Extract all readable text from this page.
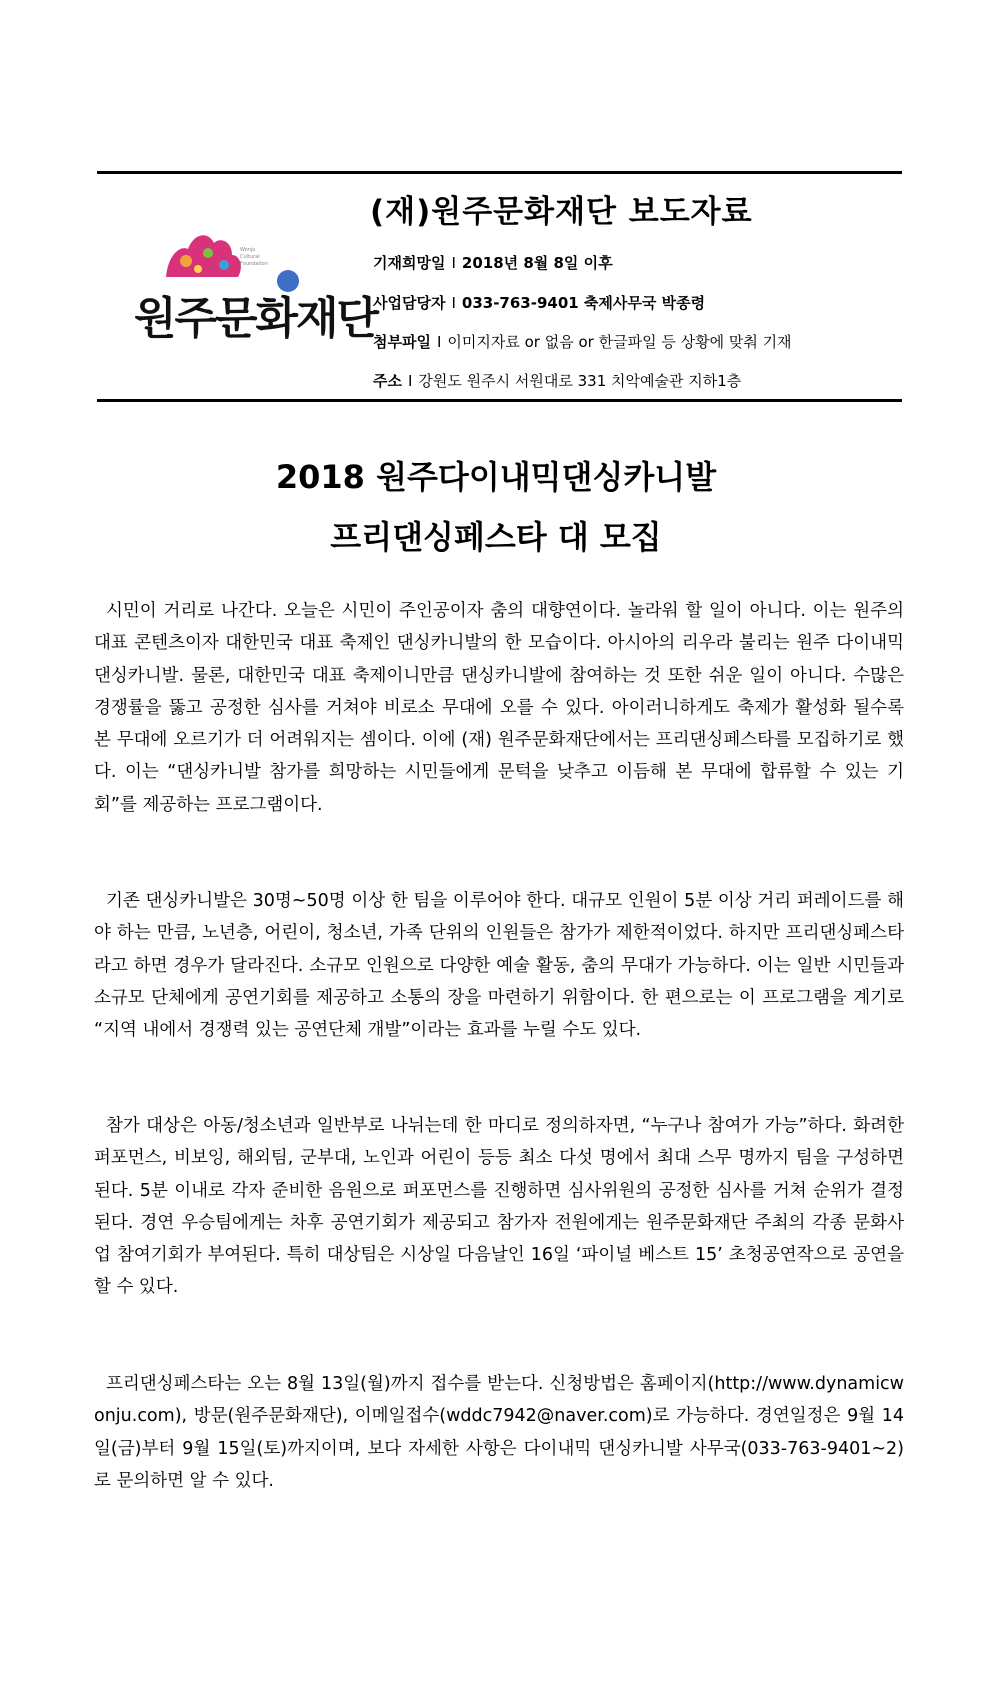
Wonju
Cultural
Foundation
원주문화재단
(재)원주문화재단 보도자료
기재희망일 I 2018년 8월 8일 이후
사업담당자 I 033-763-9401 축제사무국 박종령
첨부파일 I 이미지자료 or 없음 or 한글파일 등 상황에 맞춰 기재
주소 I 강원도 원주시 서원대로 331 치악예술관 지하1층
2018 원주다이내믹댄싱카니발
프리댄싱페스타 대 모집

시민이 거리로 나간다. 오늘은 시민이 주인공이자 춤의 대향연이다. 놀라워 할 일이 아니다. 이는 원주의 대표 콘텐츠이자 대한민국 대표 축제인 댄싱카니발의 한 모습이다. 아시아의 리우라 불리는 원주 다이내믹 댄싱카니발. 물론, 대한민국 대표 축제이니만큼 댄싱카니발에 참여하는 것 또한 쉬운 일이 아니다. 수많은 경쟁률을 뚫고 공정한 심사를 거쳐야 비로소 무대에 오를 수 있다. 아이러니하게도 축제가 활성화 될수록 본 무대에 오르기가 더 어려워지는 셈이다. 이에 (재) 원주문화재단에서는 프리댄싱페스타를 모집하기로 했다. 이는 “댄싱카니발 참가를 희망하는 시민들에게 문턱을 낮추고 이듬해 본 무대에 합류할 수 있는 기회”를 제공하는 프로그램이다.

기존 댄싱카니발은 30명~50명 이상 한 팀을 이루어야 한다. 대규모 인원이 5분 이상 거리 퍼레이드를 해야 하는 만큼, 노년층, 어린이, 청소년, 가족 단위의 인원들은 참가가 제한적이었다. 하지만 프리댄싱페스타 라고 하면 경우가 달라진다. 소규모 인원으로 다양한 예술 활동, 춤의 무대가 가능하다. 이는 일반 시민들과 소규모 단체에게 공연기회를 제공하고 소통의 장을 마련하기 위함이다. 한 편으로는 이 프로그램을 계기로 “지역 내에서 경쟁력 있는 공연단체 개발”이라는 효과를 누릴 수도 있다.

참가 대상은 아동/청소년과 일반부로 나뉘는데 한 마디로 정의하자면, “누구나 참여가 가능”하다. 화려한 퍼포먼스, 비보잉, 해외팀, 군부대, 노인과 어린이 등등 최소 다섯 명에서 최대 스무 명까지 팀을 구성하면 된다. 5분 이내로 각자 준비한 음원으로 퍼포먼스를 진행하면 심사위원의 공정한 심사를 거쳐 순위가 결정된다. 경연 우승팀에게는 차후 공연기회가 제공되고 참가자 전원에게는 원주문화재단 주최의 각종 문화사업 참여기회가 부여된다. 특히 대상팀은 시상일 다음날인 16일 ‘파이널 베스트 15’ 초청공연작으로 공연을 할 수 있다.

프리댄싱페스타는 오는 8월 13일(월)까지 접수를 받는다. 신청방법은 홈페이지(http://www.dynamicwonju.com), 방문(원주문화재단), 이메일접수(wddc7942@naver.com)로 가능하다. 경연일정은 9월 14일(금)부터 9월 15일(토)까지이며, 보다 자세한 사항은 다이내믹 댄싱카니발 사무국(033-763-9401~2)로 문의하면 알 수 있다.
